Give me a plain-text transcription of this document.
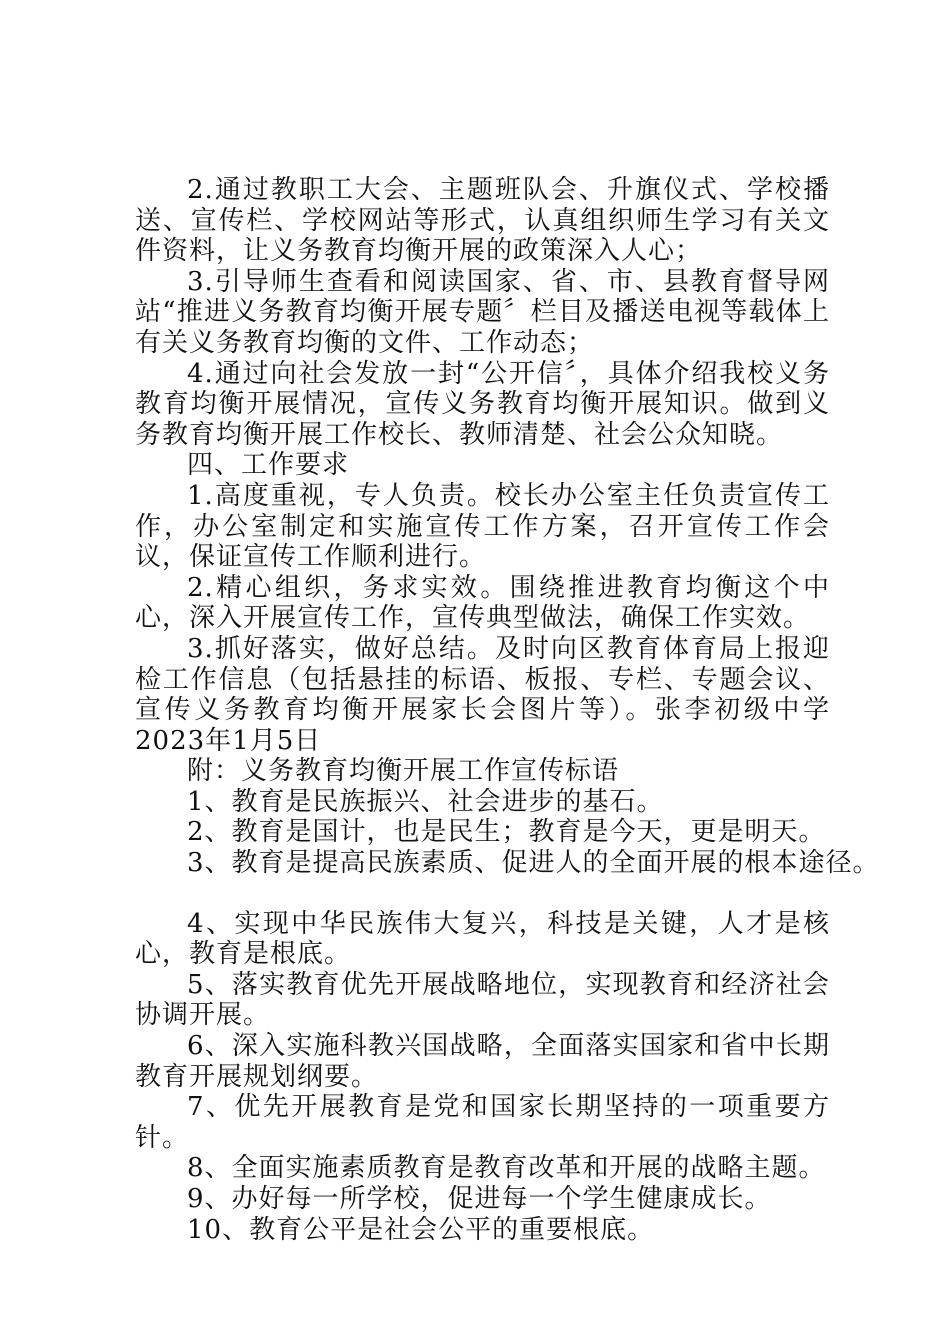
2.通过教职工大会、主题班队会、升旗仪式、学校播送、宣传栏、学校网站等形式，认真组织师生学习有关文件资料，让义务教育均衡开展的政策深入人心；

3.引导师生查看和阅读国家、省、市、县教育督导网站“推进义务教育均衡开展专题〞栏目及播送电视等载体上有关义务教育均衡的文件、工作动态；

4.通过向社会发放一封“公开信〞，具体介绍我校义务教育均衡开展情况，宣传义务教育均衡开展知识。做到义务教育均衡开展工作校长、教师清楚、社会公众知晓。

四、工作要求

1.高度重视，专人负责。校长办公室主任负责宣传工作，办公室制定和实施宣传工作方案，召开宣传工作会议，保证宣传工作顺利进行。

2.精心组织，务求实效。围绕推进教育均衡这个中心，深入开展宣传工作，宣传典型做法，确保工作实效。

3.抓好落实，做好总结。及时向区教育体育局上报迎检工作信息（包括悬挂的标语、板报、专栏、专题会议、宣传义务教育均衡开展家长会图片等）。张李初级中学2023年1月5日

附：义务教育均衡开展工作宣传标语

1、教育是民族振兴、社会进步的基石。

2、教育是国计，也是民生；教育是今天，更是明天。

3、教育是提高民族素质、促进人的全面开展的根本途径。

4、实现中华民族伟大复兴，科技是关键，人才是核心，教育是根底。

5、落实教育优先开展战略地位，实现教育和经济社会协调开展。

6、深入实施科教兴国战略，全面落实国家和省中长期教育开展规划纲要。

7、优先开展教育是党和国家长期坚持的一项重要方针。

8、全面实施素质教育是教育改革和开展的战略主题。

9、办好每一所学校，促进每一个学生健康成长。

10、教育公平是社会公平的重要根底。
